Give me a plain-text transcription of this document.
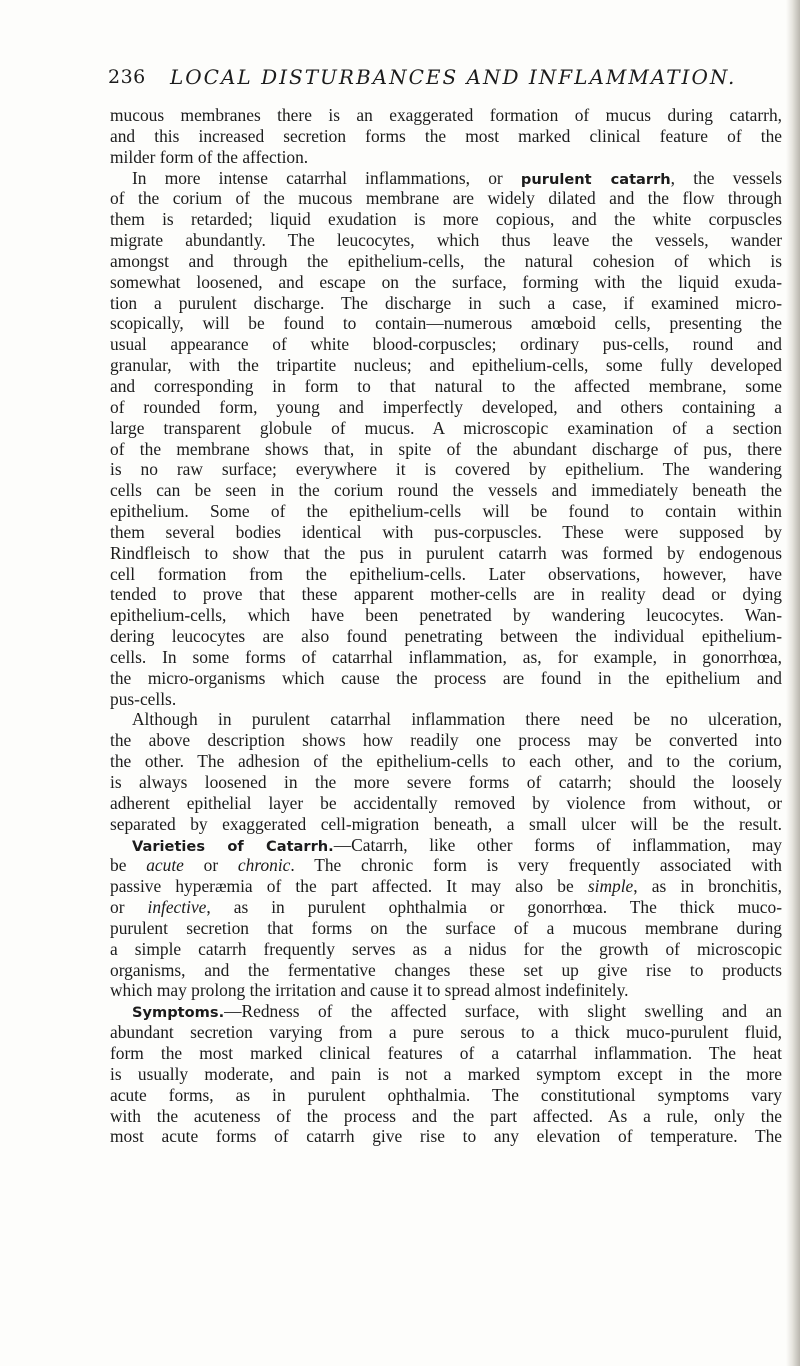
236 LOCAL DISTURBANCES AND INFLAMMATION.
mucous membranes there is an exaggerated formation of mucus during catarrh,
and this increased secretion forms the most marked clinical feature of the
milder form of the affection.
In more intense catarrhal inflammations, or purulent catarrh, the vessels
of the corium of the mucous membrane are widely dilated and the flow through
them is retarded; liquid exudation is more copious, and the white corpuscles
migrate abundantly. The leucocytes, which thus leave the vessels, wander
amongst and through the epithelium-cells, the natural cohesion of which is
somewhat loosened, and escape on the surface, forming with the liquid exuda-
tion a purulent discharge. The discharge in such a case, if examined micro-
scopically, will be found to contain—numerous amœboid cells, presenting the
usual appearance of white blood-corpuscles; ordinary pus-cells, round and
granular, with the tripartite nucleus; and epithelium-cells, some fully developed
and corresponding in form to that natural to the affected membrane, some
of rounded form, young and imperfectly developed, and others containing a
large transparent globule of mucus. A microscopic examination of a section
of the membrane shows that, in spite of the abundant discharge of pus, there
is no raw surface; everywhere it is covered by epithelium. The wandering
cells can be seen in the corium round the vessels and immediately beneath the
epithelium. Some of the epithelium-cells will be found to contain within
them several bodies identical with pus-corpuscles. These were supposed by
Rindfleisch to show that the pus in purulent catarrh was formed by endogenous
cell formation from the epithelium-cells. Later observations, however, have
tended to prove that these apparent mother-cells are in reality dead or dying
epithelium-cells, which have been penetrated by wandering leucocytes. Wan-
dering leucocytes are also found penetrating between the individual epithelium-
cells. In some forms of catarrhal inflammation, as, for example, in gonorrhœa,
the micro-organisms which cause the process are found in the epithelium and
pus-cells.
Although in purulent catarrhal inflammation there need be no ulceration,
the above description shows how readily one process may be converted into
the other. The adhesion of the epithelium-cells to each other, and to the corium,
is always loosened in the more severe forms of catarrh; should the loosely
adherent epithelial layer be accidentally removed by violence from without, or
separated by exaggerated cell-migration beneath, a small ulcer will be the result.
Varieties of Catarrh.—Catarrh, like other forms of inflammation, may
be acute or chronic. The chronic form is very frequently associated with
passive hyperæmia of the part affected. It may also be simple, as in bronchitis,
or infective, as in purulent ophthalmia or gonorrhœa. The thick muco-
purulent secretion that forms on the surface of a mucous membrane during
a simple catarrh frequently serves as a nidus for the growth of microscopic
organisms, and the fermentative changes these set up give rise to products
which may prolong the irritation and cause it to spread almost indefinitely.
Symptoms.—Redness of the affected surface, with slight swelling and an
abundant secretion varying from a pure serous to a thick muco-purulent fluid,
form the most marked clinical features of a catarrhal inflammation. The heat
is usually moderate, and pain is not a marked symptom except in the more
acute forms, as in purulent ophthalmia. The constitutional symptoms vary
with the acuteness of the process and the part affected. As a rule, only the
most acute forms of catarrh give rise to any elevation of temperature. The
